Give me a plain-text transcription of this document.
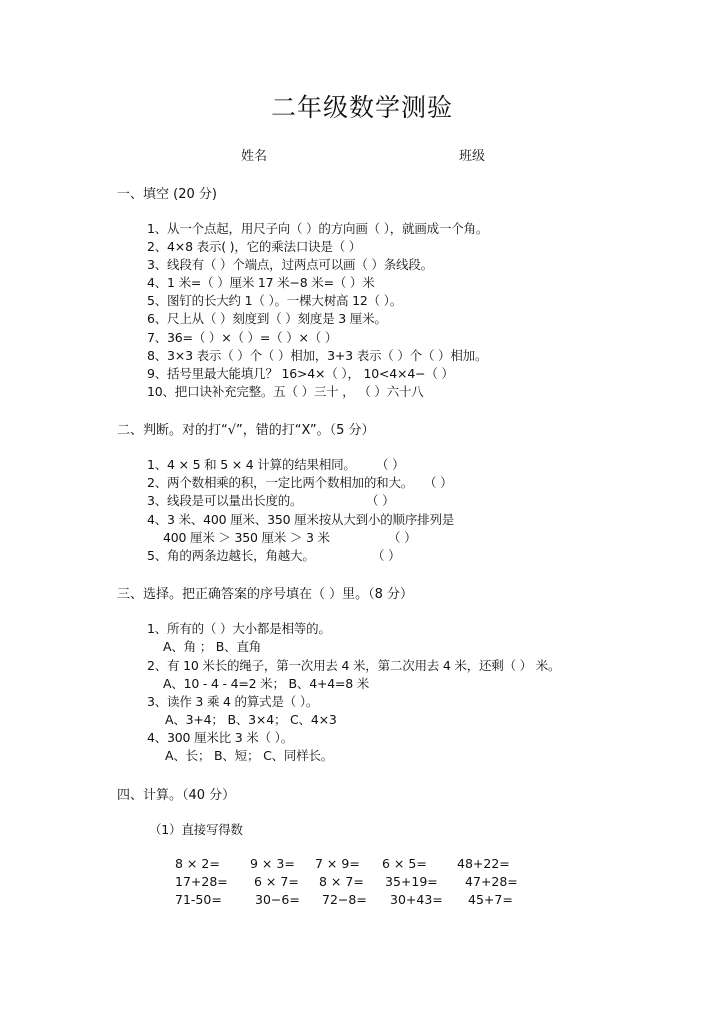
二年级数学测验
姓名	班级
一、填空 (20 分)
1、从一个点起，用尺子向（ ）的方向画（ ），就画成一个角。
2、4×8 表示( )，它的乘法口诀是（ ）
3、线段有（ ）个端点，过两点可以画（ ）条线段。
4、1 米=（ ）厘米 17 米−8 米=（ ）米
5、图钉的长大约 1（ ）。一棵大树高 12（ ）。
6、尺上从（ ）刻度到（ ）刻度是 3 厘米。
7、36=（ ）×（ ）=（ ）×（ ）
8、3×3 表示（ ）个（ ）相加，3+3 表示（ ）个（ ）相加。
9、括号里最大能填几？ 16>4×（ ）， 10<4×4−（ ）
10、把口诀补充完整。五（ ）三十 ， （ ）六十八
二、判断。对的打“√”，错的打“X”。（5 分）
1、4 × 5 和 5 × 4 计算的结果相同。 （ ）
2、两个数相乘的积，一定比两个数相加的和大。 （ ）
3、线段是可以量出长度的。	（ ）
4、3 米、400 厘米、350 厘米按从大到小的顺序排列是
400 厘米 ＞ 350 厘米 ＞ 3 米	（ ）
5、角的两条边越长，角越大。	（ ）
三、选择。把正确答案的序号填在（ ）里。（8 分）
1、所有的（ ）大小都是相等的。
A、角 ； B、直角
2、有 10 米长的绳子，第一次用去 4 米，第二次用去 4 米，还剩（ ） 米。
A、10 - 4 - 4=2 米； B、4+4=8 米
3、读作 3 乘 4 的算式是（ ）。
A、3+4； B、3×4； C、4×3
4、300 厘米比 3 米（ ）。
A、长； B、短； C、同样长。
四、计算。（40 分）
（1）直接写得数
8 × 2= 9 × 3= 7 × 9= 6 × 5= 48+22=
17+28= 6 × 7= 8 × 7= 35+19= 47+28=
71-50=	30−6= 72−8= 30+43= 45+7=
